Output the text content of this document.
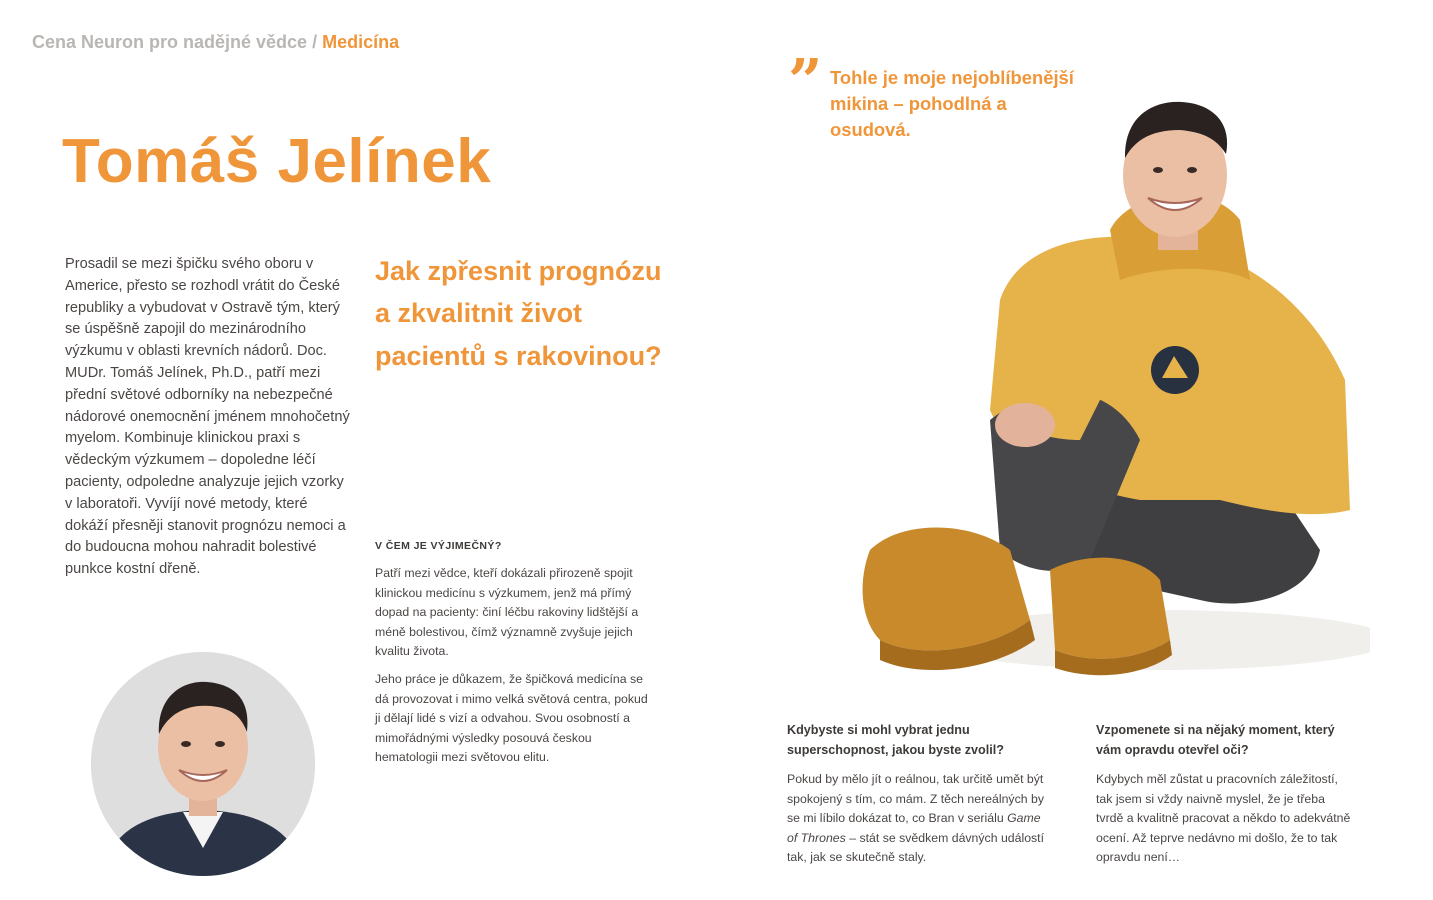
Cena Neuron pro nadějné vědce / Medicína
Tomáš Jelínek

Prosadil se mezi špičku svého oboru v Americe, přesto se rozhodl vrátit do České republiky a vybudovat v Ostravě tým, který se úspěšně zapojil do mezinárodního výzkumu v oblasti krevních nádorů. Doc. MUDr. Tomáš Jelínek, Ph.D., patří mezi přední světové odborníky na nebezpečné nádorové onemocnění jménem mnohočetný myelom. Kombinuje klinickou praxi s vědeckým výzkumem – dopoledne léčí pacienty, odpoledne analyzuje jejich vzorky v laboratoři. Vyvíjí nové metody, které dokáží přesněji stanovit prognózu nemoci a do budoucna mohou nahradit bolestivé punkce kostní dřeně.

Jak zpřesnit prognózu a zkvalitnit život pacientů s rakovinou?
V ČEM JE VÝJIMEČNÝ?

Patří mezi vědce, kteří dokázali přirozeně spojit klinickou medicínu s výzkumem, jenž má přímý dopad na pacienty: činí léčbu rakoviny lidštější a méně bolestivou, čímž významně zvyšuje jejich kvalitu života.

Jeho práce je důkazem, že špičková medicína se dá provozovat i mimo velká světová centra, pokud ji dělají lidé s vizí a odvahou. Svou osobností a mimořádnými výsledky posouvá českou hematologii mezi světovou elitu.

” Tohle je moje nejoblíbenější mikina – pohodlná a osudová.

Kdybyste si mohl vybrat jednu superschopnost, jakou byste zvolil?

Pokud by mělo jít o reálnou, tak určitě umět být spokojený s tím, co mám. Z těch nereálných by se mi líbilo dokázat to, co Bran v seriálu Game of Thrones – stát se svědkem dávných událostí tak, jak se skutečně staly.

Vzpomenete si na nějaký moment, který vám opravdu otevřel oči?

Kdybych měl zůstat u pracovních záležitostí, tak jsem si vždy naivně myslel, že je třeba tvrdě a kvalitně pracovat a někdo to adekvátně ocení. Až teprve nedávno mi došlo, že to tak opravdu není…
